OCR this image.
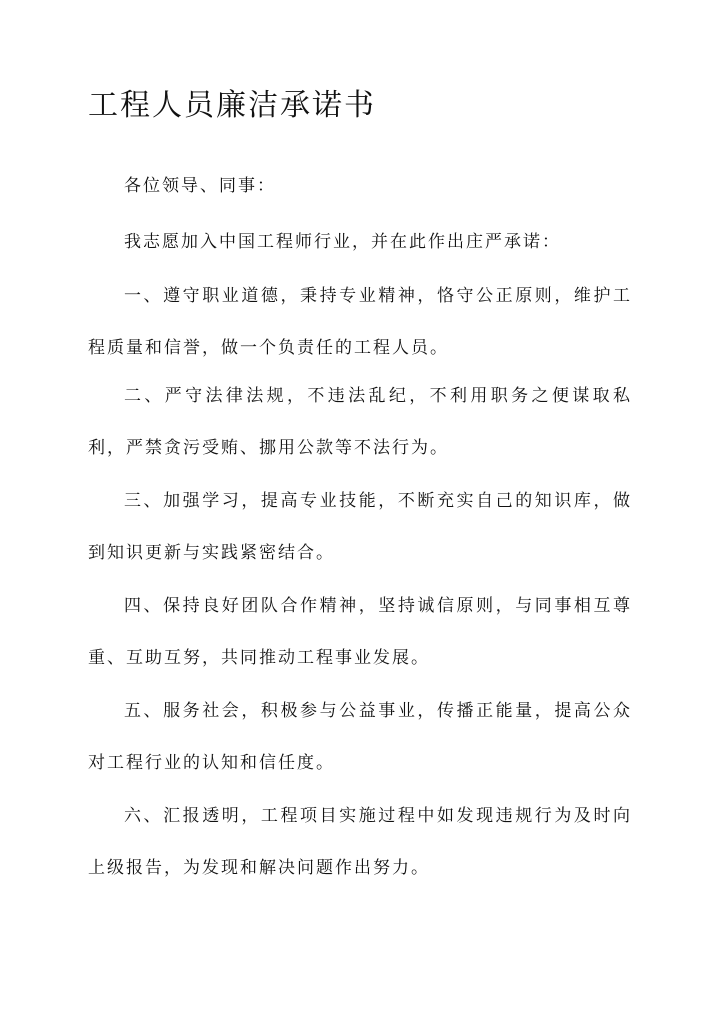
工程人员廉洁承诺书

各位领导、同事：

我志愿加入中国工程师行业，并在此作出庄严承诺：

一、遵守职业道德，秉持专业精神，恪守公正原则，维护工程质量和信誉，做一个负责任的工程人员。

二、严守法律法规，不违法乱纪，不利用职务之便谋取私利，严禁贪污受贿、挪用公款等不法行为。

三、加强学习，提高专业技能，不断充实自己的知识库，做到知识更新与实践紧密结合。

四、保持良好团队合作精神，坚持诚信原则，与同事相互尊重、互助互努，共同推动工程事业发展。

五、服务社会，积极参与公益事业，传播正能量，提高公众对工程行业的认知和信任度。

六、汇报透明，工程项目实施过程中如发现违规行为及时向上级报告，为发现和解决问题作出努力。
